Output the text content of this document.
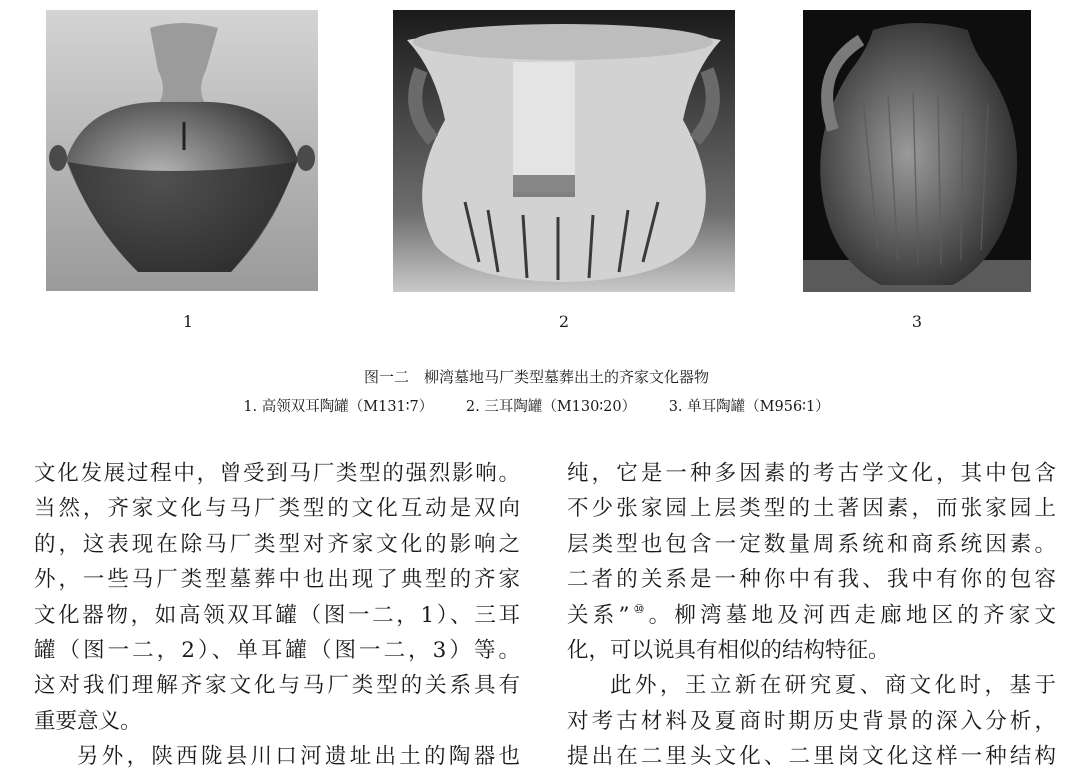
1	2	3
图一二　柳湾墓地马厂类型墓葬出土的齐家文化器物
1. 高领双耳陶罐（M131∶7） 2. 三耳陶罐（M130∶20） 3. 单耳陶罐（M956∶1）
文化发展过程中，曾受到马厂类型的强烈影响。
当然，齐家文化与马厂类型的文化互动是双向
的，这表现在除马厂类型对齐家文化的影响之
外，一些马厂类型墓葬中也出现了典型的齐家
文化器物，如高领双耳罐（图一二，1）、三耳
罐（图一二，2）、单耳罐（图一二，3）等。
这对我们理解齐家文化与马厂类型的关系具有
重要意义。
另外，陕西陇县川口河遗址出土的陶器也
纯，它是一种多因素的考古学文化，其中包含
不少张家园上层类型的土著因素，而张家园上
层类型也包含一定数量周系统和商系统因素。
二者的关系是一种你中有我、我中有你的包容
关系”⑩。柳湾墓地及河西走廊地区的齐家文
化，可以说具有相似的结构特征。
此外，王立新在研究夏、商文化时，基于
对考古材料及夏商时期历史背景的深入分析，
提出在二里头文化、二里岗文化这样一种结构
